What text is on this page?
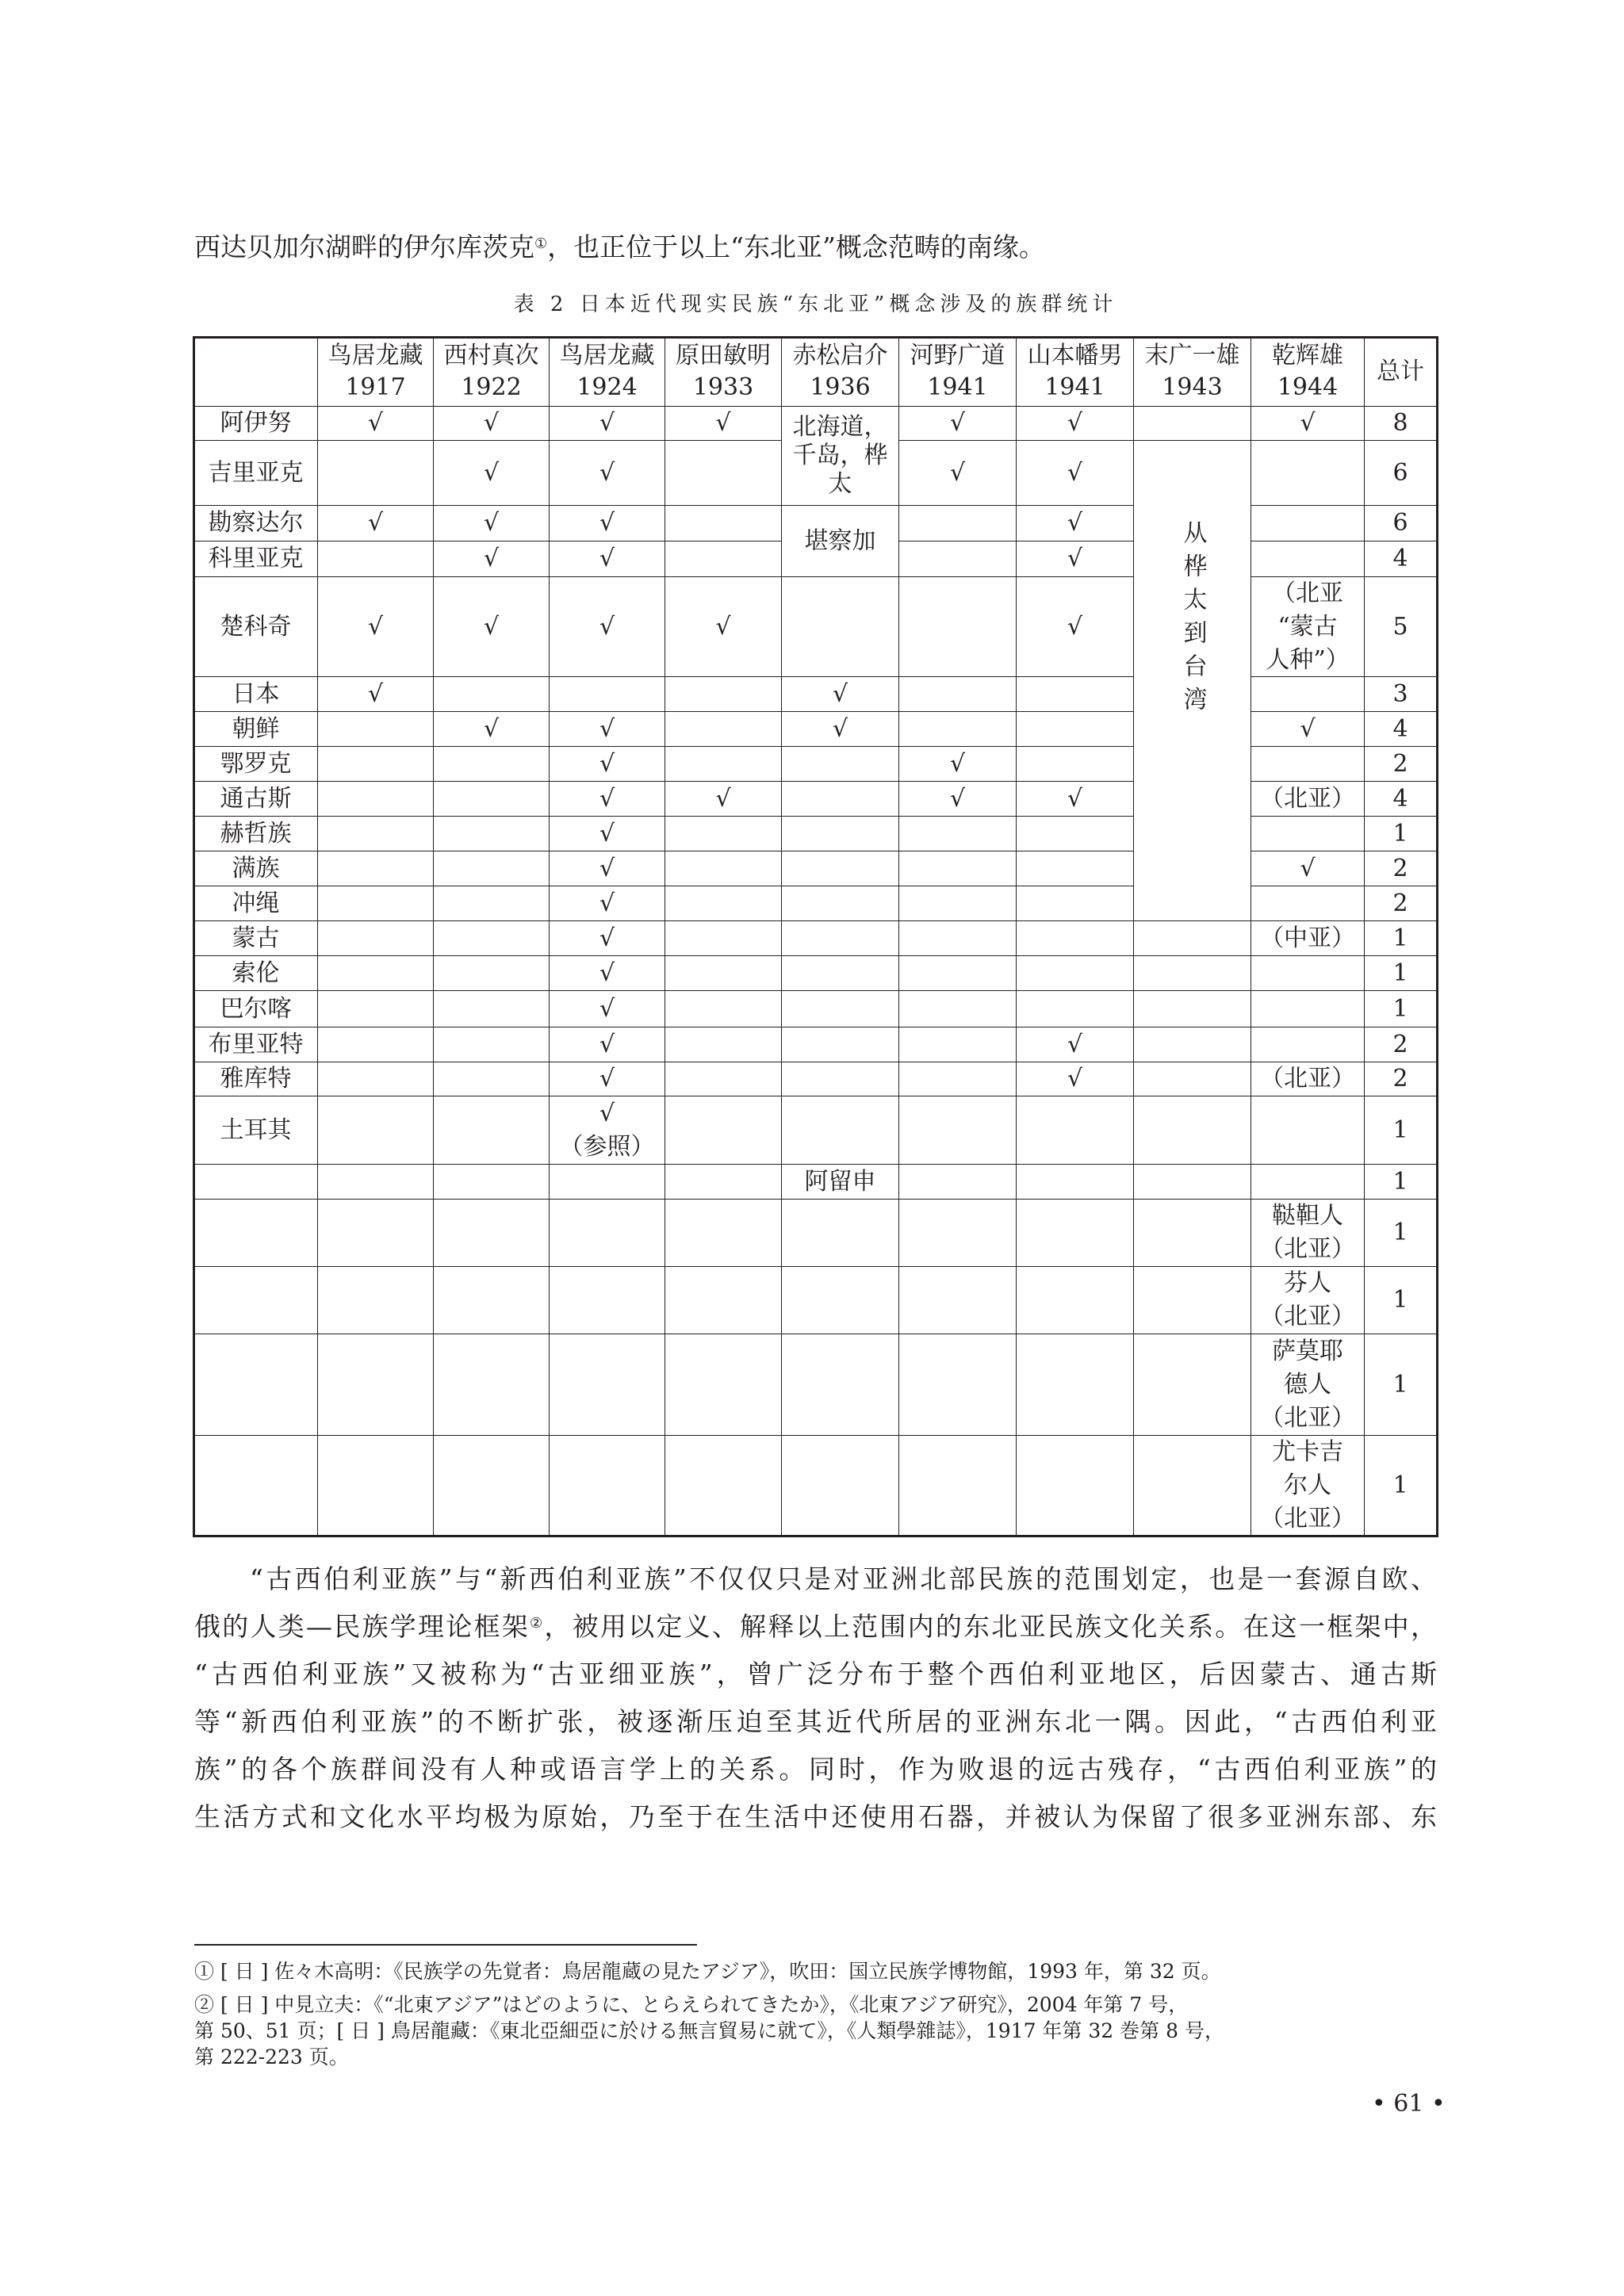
西达贝加尔湖畔的伊尔库茨克①，也正位于以上“东北亚”概念范畴的南缘。
表 2 日本近代现实民族“东北亚”概念涉及的族群统计
鸟居龙藏
1917
西村真次
1922
鸟居龙藏
1924
原田敏明
1933
赤松启介
1936
河野广道
1941
山本幡男
1941
末广一雄
1943
乾辉雄
1944
总计
阿伊努	√	√	√	√	√	√	√	8
吉里亚克	√	√	√	√	6
勘察达尔	√	√	√	√	6
科里亚克	√	√	√	4
楚科奇	√	√	√	√	√
（北亚
“蒙古
人种”）
5
日本	√	√	3
朝鲜	√	√	√	√	4
鄂罗克	√	√	2
通古斯	√	√	√	√	（北亚） 4
赫哲族	√	1
满族	√	√	2
冲绳	√	2
蒙古	√	（中亚） 1
索伦	√	1
巴尔喀	√	1
布里亚特	√	√	2
雅库特	√	√	（北亚） 2
土耳其
√
（参照）
1
1
鞑靼人
（北亚）
1
芬人
（北亚）
1
萨莫耶
德人
（北亚）
1
尤卡吉
尔人
（北亚）
1
北海道，
千岛，桦
太
堪察加
阿留申
从桦太到台湾
“古西伯利亚族”与“新西伯利亚族”不仅仅只是对亚洲北部民族的范围划定，也是一套源自欧、
俄的人类—民族学理论框架②，被用以定义、解释以上范围内的东北亚民族文化关系。在这一框架中，
“古西伯利亚族”又被称为“古亚细亚族”，曾广泛分布于整个西伯利亚地区，后因蒙古、通古斯
等“新西伯利亚族”的不断扩张，被逐渐压迫至其近代所居的亚洲东北一隅。因此，“古西伯利亚
族”的各个族群间没有人种或语言学上的关系。同时，作为败退的远古残存，“古西伯利亚族”的
生活方式和文化水平均极为原始，乃至于在生活中还使用石器，并被认为保留了很多亚洲东部、东
① [ 日 ] 佐々木高明：《民族学の先覚者：鳥居龍蔵の見たアジア》，吹田：国立民族学博物館，1993 年，第 32 页。
② [ 日 ] 中見立夫：《“北東アジア”はどのように、とらえられてきたか》，《北東アジア研究》，2004 年第 7 号，
第 50、51 页；[ 日 ] 鳥居龍藏：《東北亞細亞に於ける無言貿易に就て》，《人類學雜誌》，1917 年第 32 巻第 8 号，
第 222-223 页。
• 61 •
